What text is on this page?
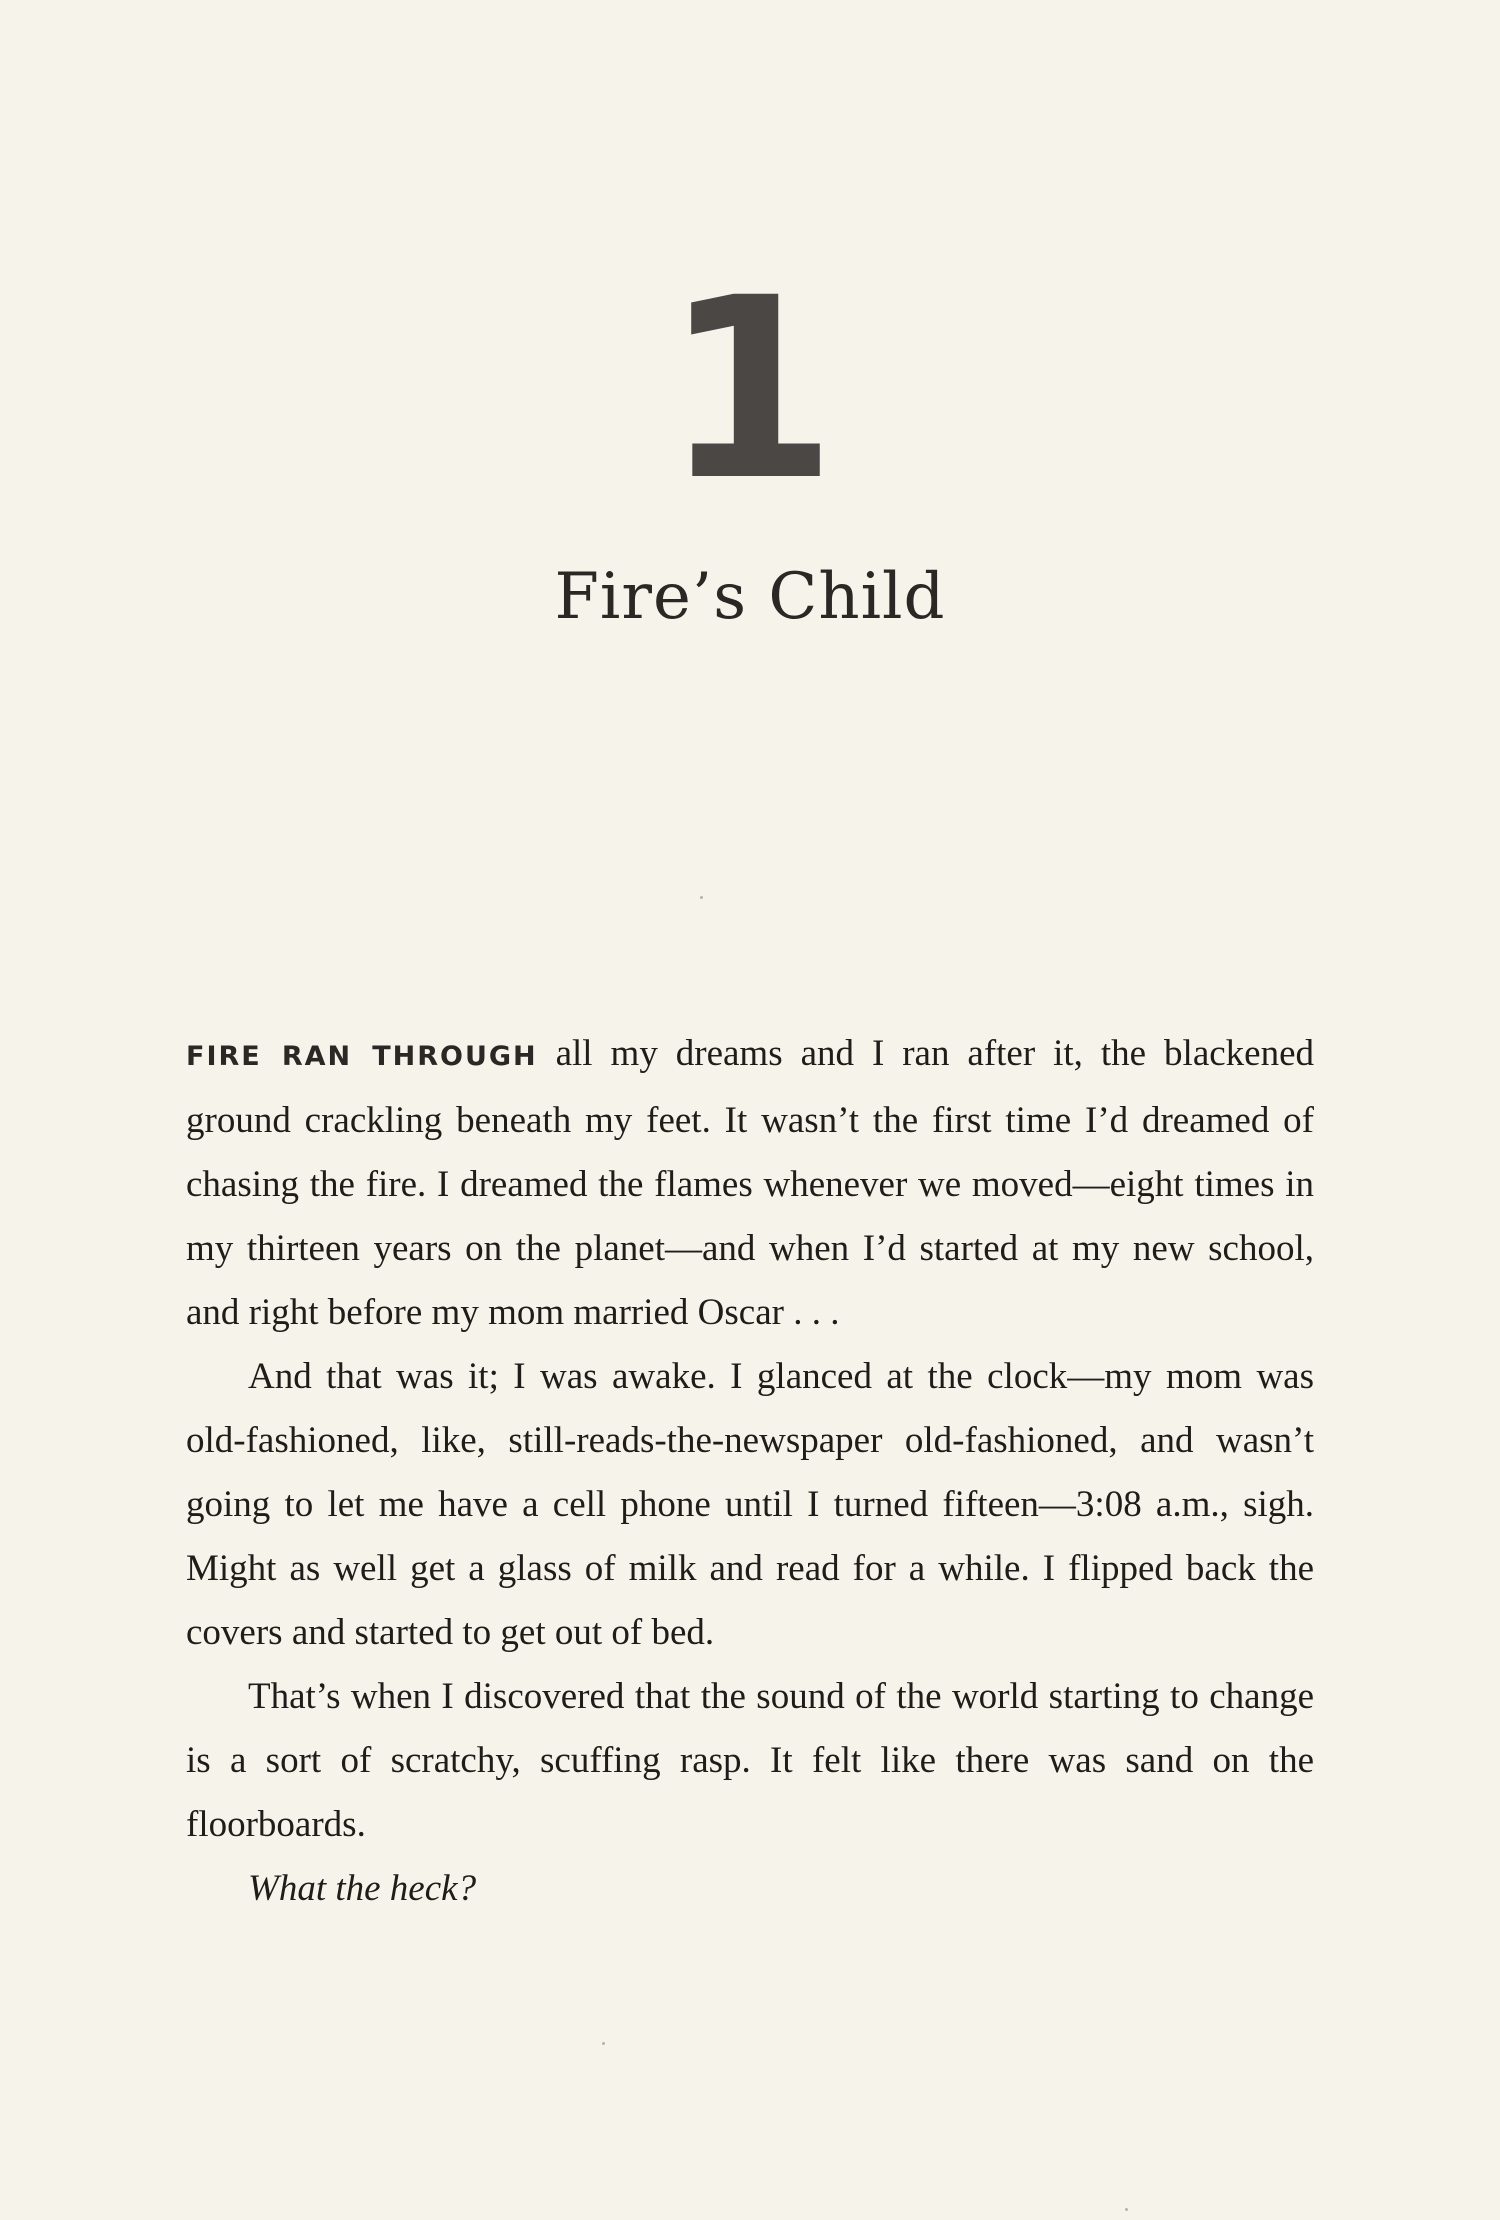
1
Fire’s Child

FIRE RAN THROUGH all my dreams and I ran after it, the blackened ground crackling beneath my feet. It wasn’t the first time I’d dreamed of chasing the fire. I dreamed the flames whenever we moved—eight times in my thirteen years on the planet—and when I’d started at my new school, and right before my mom married Oscar . . .

And that was it; I was awake. I glanced at the clock—my mom was old-fashioned, like, still-reads-the-newspaper old-fashioned, and wasn’t going to let me have a cell phone until I turned fifteen—3:08 a.m., sigh. Might as well get a glass of milk and read for a while. I flipped back the covers and started to get out of bed.

That’s when I discovered that the sound of the world starting to change is a sort of scratchy, scuffing rasp. It felt like there was sand on the floorboards.

What the heck?
